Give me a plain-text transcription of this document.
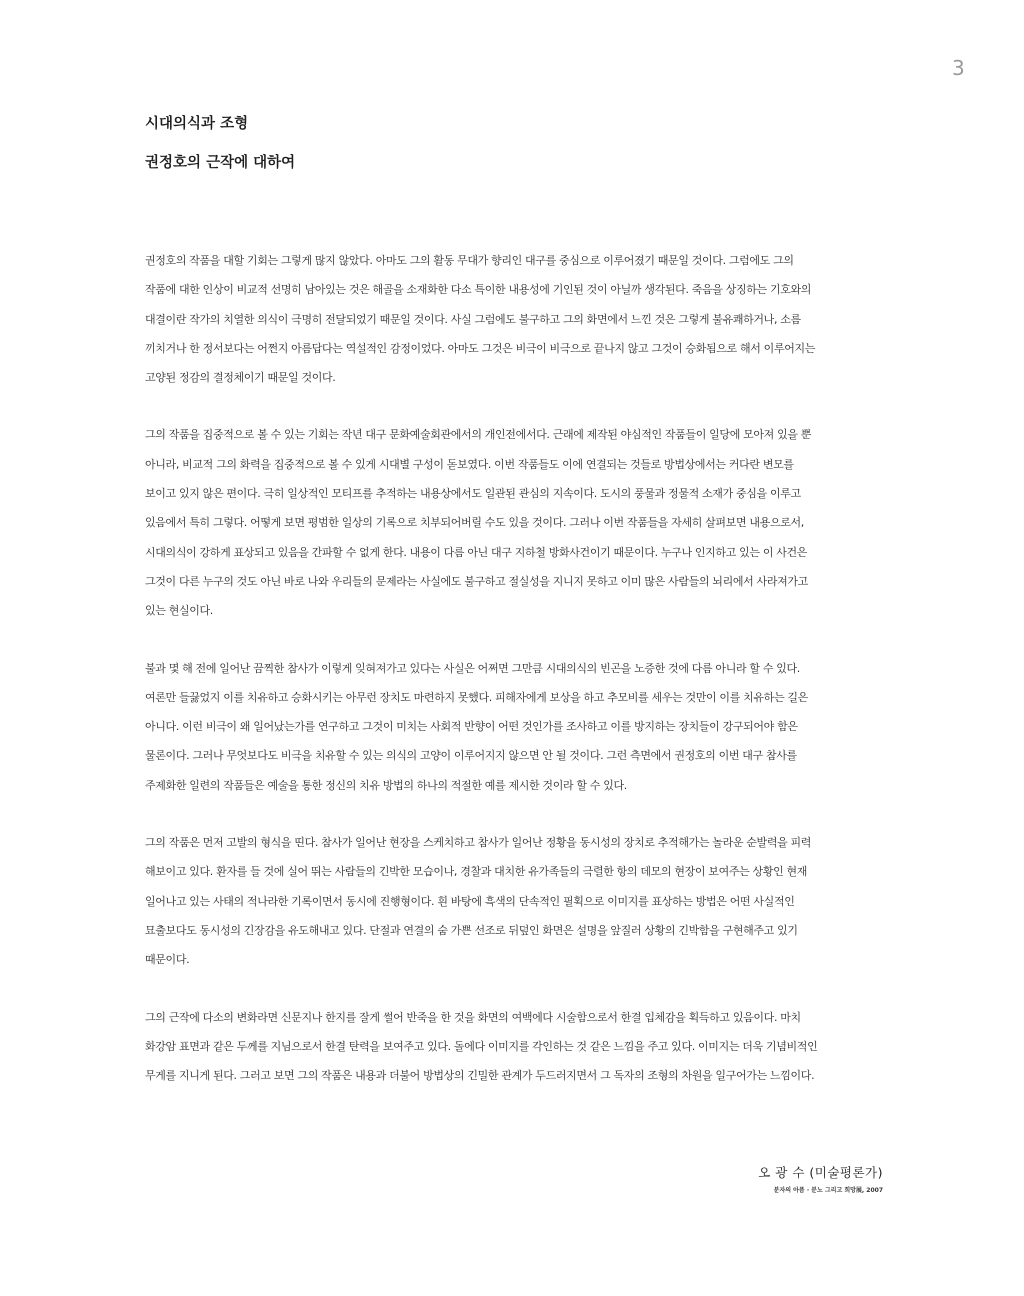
3
시대의식과 조형
권정호의 근작에 대하여
권정호의 작품을 대할 기회는 그렇게 많지 않았다. 아마도 그의 활동 무대가 향리인 대구를 중심으로 이루어졌기 때문일 것이다. 그럼에도 그의
작품에 대한 인상이 비교적 선명히 남아있는 것은 해골을 소재화한 다소 특이한 내용성에 기인된 것이 아닐까 생각된다. 죽음을 상징하는 기호와의
대결이란 작가의 치열한 의식이 극명히 전달되었기 때문일 것이다. 사실 그럼에도 불구하고 그의 화면에서 느낀 것은 그렇게 불유쾌하거나, 소름
끼치거나 한 정서보다는 어쩐지 아름답다는 역설적인 감정이었다. 아마도 그것은 비극이 비극으로 끝나지 않고 그것이 승화됨으로 해서 이루어지는
고양된 정감의 결정체이기 때문일 것이다.
그의 작품을 집중적으로 볼 수 있는 기회는 작년 대구 문화예술회관에서의 개인전에서다. 근래에 제작된 야심적인 작품들이 일당에 모아져 있을 뿐
아니라, 비교적 그의 화력을 집중적으로 볼 수 있게 시대별 구성이 돋보였다. 이번 작품들도 이에 연결되는 것들로 방법상에서는 커다란 변모를
보이고 있지 않은 편이다. 극히 일상적인 모티프를 추적하는 내용상에서도 일관된 관심의 지속이다. 도시의 풍물과 정물적 소재가 중심을 이루고
있음에서 특히 그렇다. 어떻게 보면 평범한 일상의 기록으로 치부되어버릴 수도 있을 것이다. 그러나 이번 작품들을 자세히 살펴보면 내용으로서,
시대의식이 강하게 표상되고 있음을 간파할 수 없게 한다. 내용이 다름 아닌 대구 지하철 방화사건이기 때문이다. 누구나 인지하고 있는 이 사건은
그것이 다른 누구의 것도 아닌 바로 나와 우리들의 문제라는 사실에도 불구하고 절실성을 지니지 못하고 이미 많은 사람들의 뇌리에서 사라져가고
있는 현실이다.
불과 몇 해 전에 일어난 끔찍한 참사가 이렇게 잊혀져가고 있다는 사실은 어쩌면 그만큼 시대의식의 빈곤을 노증한 것에 다름 아니라 할 수 있다.
여론만 들끓었지 이를 치유하고 승화시키는 아무런 장치도 마련하지 못했다. 피해자에게 보상을 하고 추모비를 세우는 것만이 이를 치유하는 길은
아니다. 이런 비극이 왜 일어났는가를 연구하고 그것이 미치는 사회적 반향이 어떤 것인가를 조사하고 이를 방지하는 장치들이 강구되어야 함은
물론이다. 그러나 무엇보다도 비극을 치유할 수 있는 의식의 고양이 이루어지지 않으면 안 될 것이다. 그런 측면에서 권정호의 이번 대구 참사를
주제화한 일련의 작품들은 예술을 통한 정신의 치유 방법의 하나의 적절한 예를 제시한 것이라 할 수 있다.
그의 작품은 먼저 고발의 형식을 띤다. 참사가 일어난 현장을 스케치하고 참사가 일어난 정황을 동시성의 장치로 추적해가는 놀라운 순발력을 피력
해보이고 있다. 환자를 들 것에 실어 뛰는 사람들의 긴박한 모습이나, 경찰과 대치한 유가족들의 극렬한 항의 데모의 현장이 보여주는 상황인 현재
일어나고 있는 사태의 적나라한 기록이면서 동시에 진행형이다. 흰 바탕에 흑색의 단속적인 필획으로 이미지를 표상하는 방법은 어떤 사실적인
묘출보다도 동시성의 긴장감을 유도해내고 있다. 단절과 연결의 숨 가쁜 선조로 뒤덮인 화면은 설명을 앞질러 상황의 긴박함을 구현해주고 있기
때문이다.
그의 근작에 다소의 변화라면 신문지나 한지를 잘게 썰어 반죽을 한 것을 화면의 여백에다 시술함으로서 한결 입체감을 획득하고 있음이다. 마치
화강암 표면과 같은 두께를 지님으로서 한결 탄력을 보여주고 있다. 돌에다 이미지를 각인하는 것 같은 느낌을 주고 있다. 이미지는 더욱 기념비적인
무게를 지니게 된다. 그러고 보면 그의 작품은 내용과 더불어 방법상의 긴밀한 관계가 두드러지면서 그 독자의 조형의 차원을 일구어가는 느낌이다.
오 광 수 (미술평론가)
분자의 아픔 · 분노 그리고 희망展, 2007
